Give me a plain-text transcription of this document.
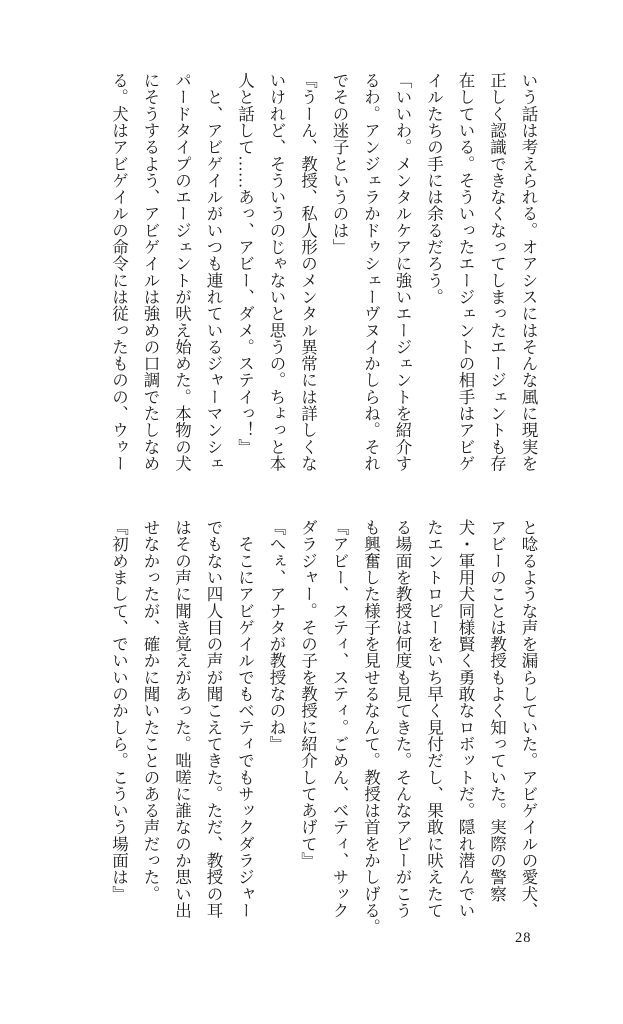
いう話は考えられる。オアシスにはそんな風に現実を
正しく認識できなくなってしまったエージェントも存
在している。そういったエージェントの相手はアビゲ
イルたちの手には余るだろう。
「いいわ。メンタルケアに強いエージェントを紹介す
るわ。アンジェラかドゥシェーヴヌイかしらね。それ
でその迷子というのは」
『うーん、教授、私人形のメンタル異常には詳しくな
いけれど、そういうのじゃないと思うの。ちょっと本
人と話して……あっ、アビー、ダメ。ステイっ！』
　と、アビゲイルがいつも連れているジャーマンシェ
パードタイプのエージェントが吠え始めた。本物の犬
にそうするよう、アビゲイルは強めの口調でたしなめ
る。犬はアビゲイルの命令には従ったものの、ウゥー
と唸るような声を漏らしていた。アビゲイルの愛犬、
アビーのことは教授もよく知っていた。実際の警察
犬・軍用犬同様賢く勇敢なロボットだ。隠れ潜んでい
たエントロピーをいち早く見付だし、果敢に吠えたて
る場面を教授は何度も見てきた。そんなアビーがこう
も興奮した様子を見せるなんて。教授は首をかしげる。
『アビー、スティ、スティ。ごめん、ベティ、サック
ダラジャー。その子を教授に紹介してあげて』
『へぇ、アナタが教授なのね』
　そこにアビゲイルでもベティでもサックダラジャー
でもない四人目の声が聞こえてきた。ただ、教授の耳
はその声に聞き覚えがあった。咄嗟に誰なのか思い出
せなかったが、確かに聞いたことのある声だった。
『初めまして、でいいのかしら。こういう場面は』
28
